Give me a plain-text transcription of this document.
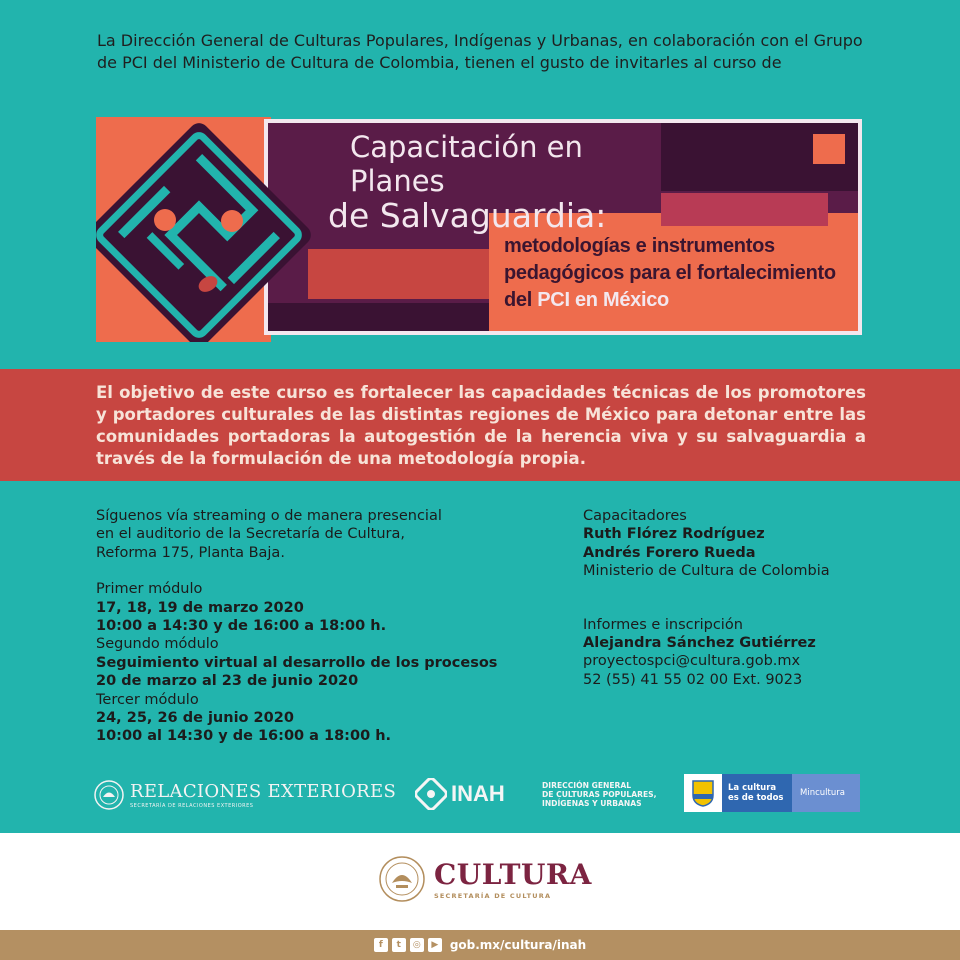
La Dirección General de Culturas Populares, Indígenas y Urbanas, en colaboración con el Grupo de PCI del Ministerio de Cultura de Colombia, tienen el gusto de invitarles al curso de

Capacitación en Planes
de Salvaguardia:
metodologías e instrumentos
pedagógicos para el fortalecimiento
del PCI en México

El objetivo de este curso es fortalecer las capacidades técnicas de los promotores y portadores culturales de las distintas regiones de México para detonar entre las comunidades portadoras la autogestión de la herencia viva y su salvaguardia a través de la formulación de una metodología propia.

Síguenos vía streaming o de manera presencial
en el auditorio de la Secretaría de Cultura,
Reforma 175, Planta Baja.
Primer módulo
17, 18, 19 de marzo 2020
10:00 a 14:30 y de 16:00 a 18:00 h.
Segundo módulo
Seguimiento virtual al desarrollo de los procesos
20 de marzo al 23 de junio 2020
Tercer módulo
24, 25, 26 de junio 2020
10:00 al 14:30 y de 16:00 a 18:00 h.
Capacitadores
Ruth Flórez Rodríguez
Andrés Forero Rueda
Ministerio de Cultura de Colombia
Informes e inscripción
Alejandra Sánchez Gutiérrez
proyectospci@cultura.gob.mx
52 (55) 41 55 02 00 Ext. 9023
RELACIONES EXTERIORES
SECRETARÍA DE RELACIONES EXTERIORES	INAH	DIRECCIÓN GENERAL
DE CULTURAS POPULARES,
INDÍGENAS Y URBANAS
La cultura
es de todos	Mincultura
CULTURA
SECRETARÍA DE CULTURA
f	t	◎	▶ gob.mx/cultura/inah
